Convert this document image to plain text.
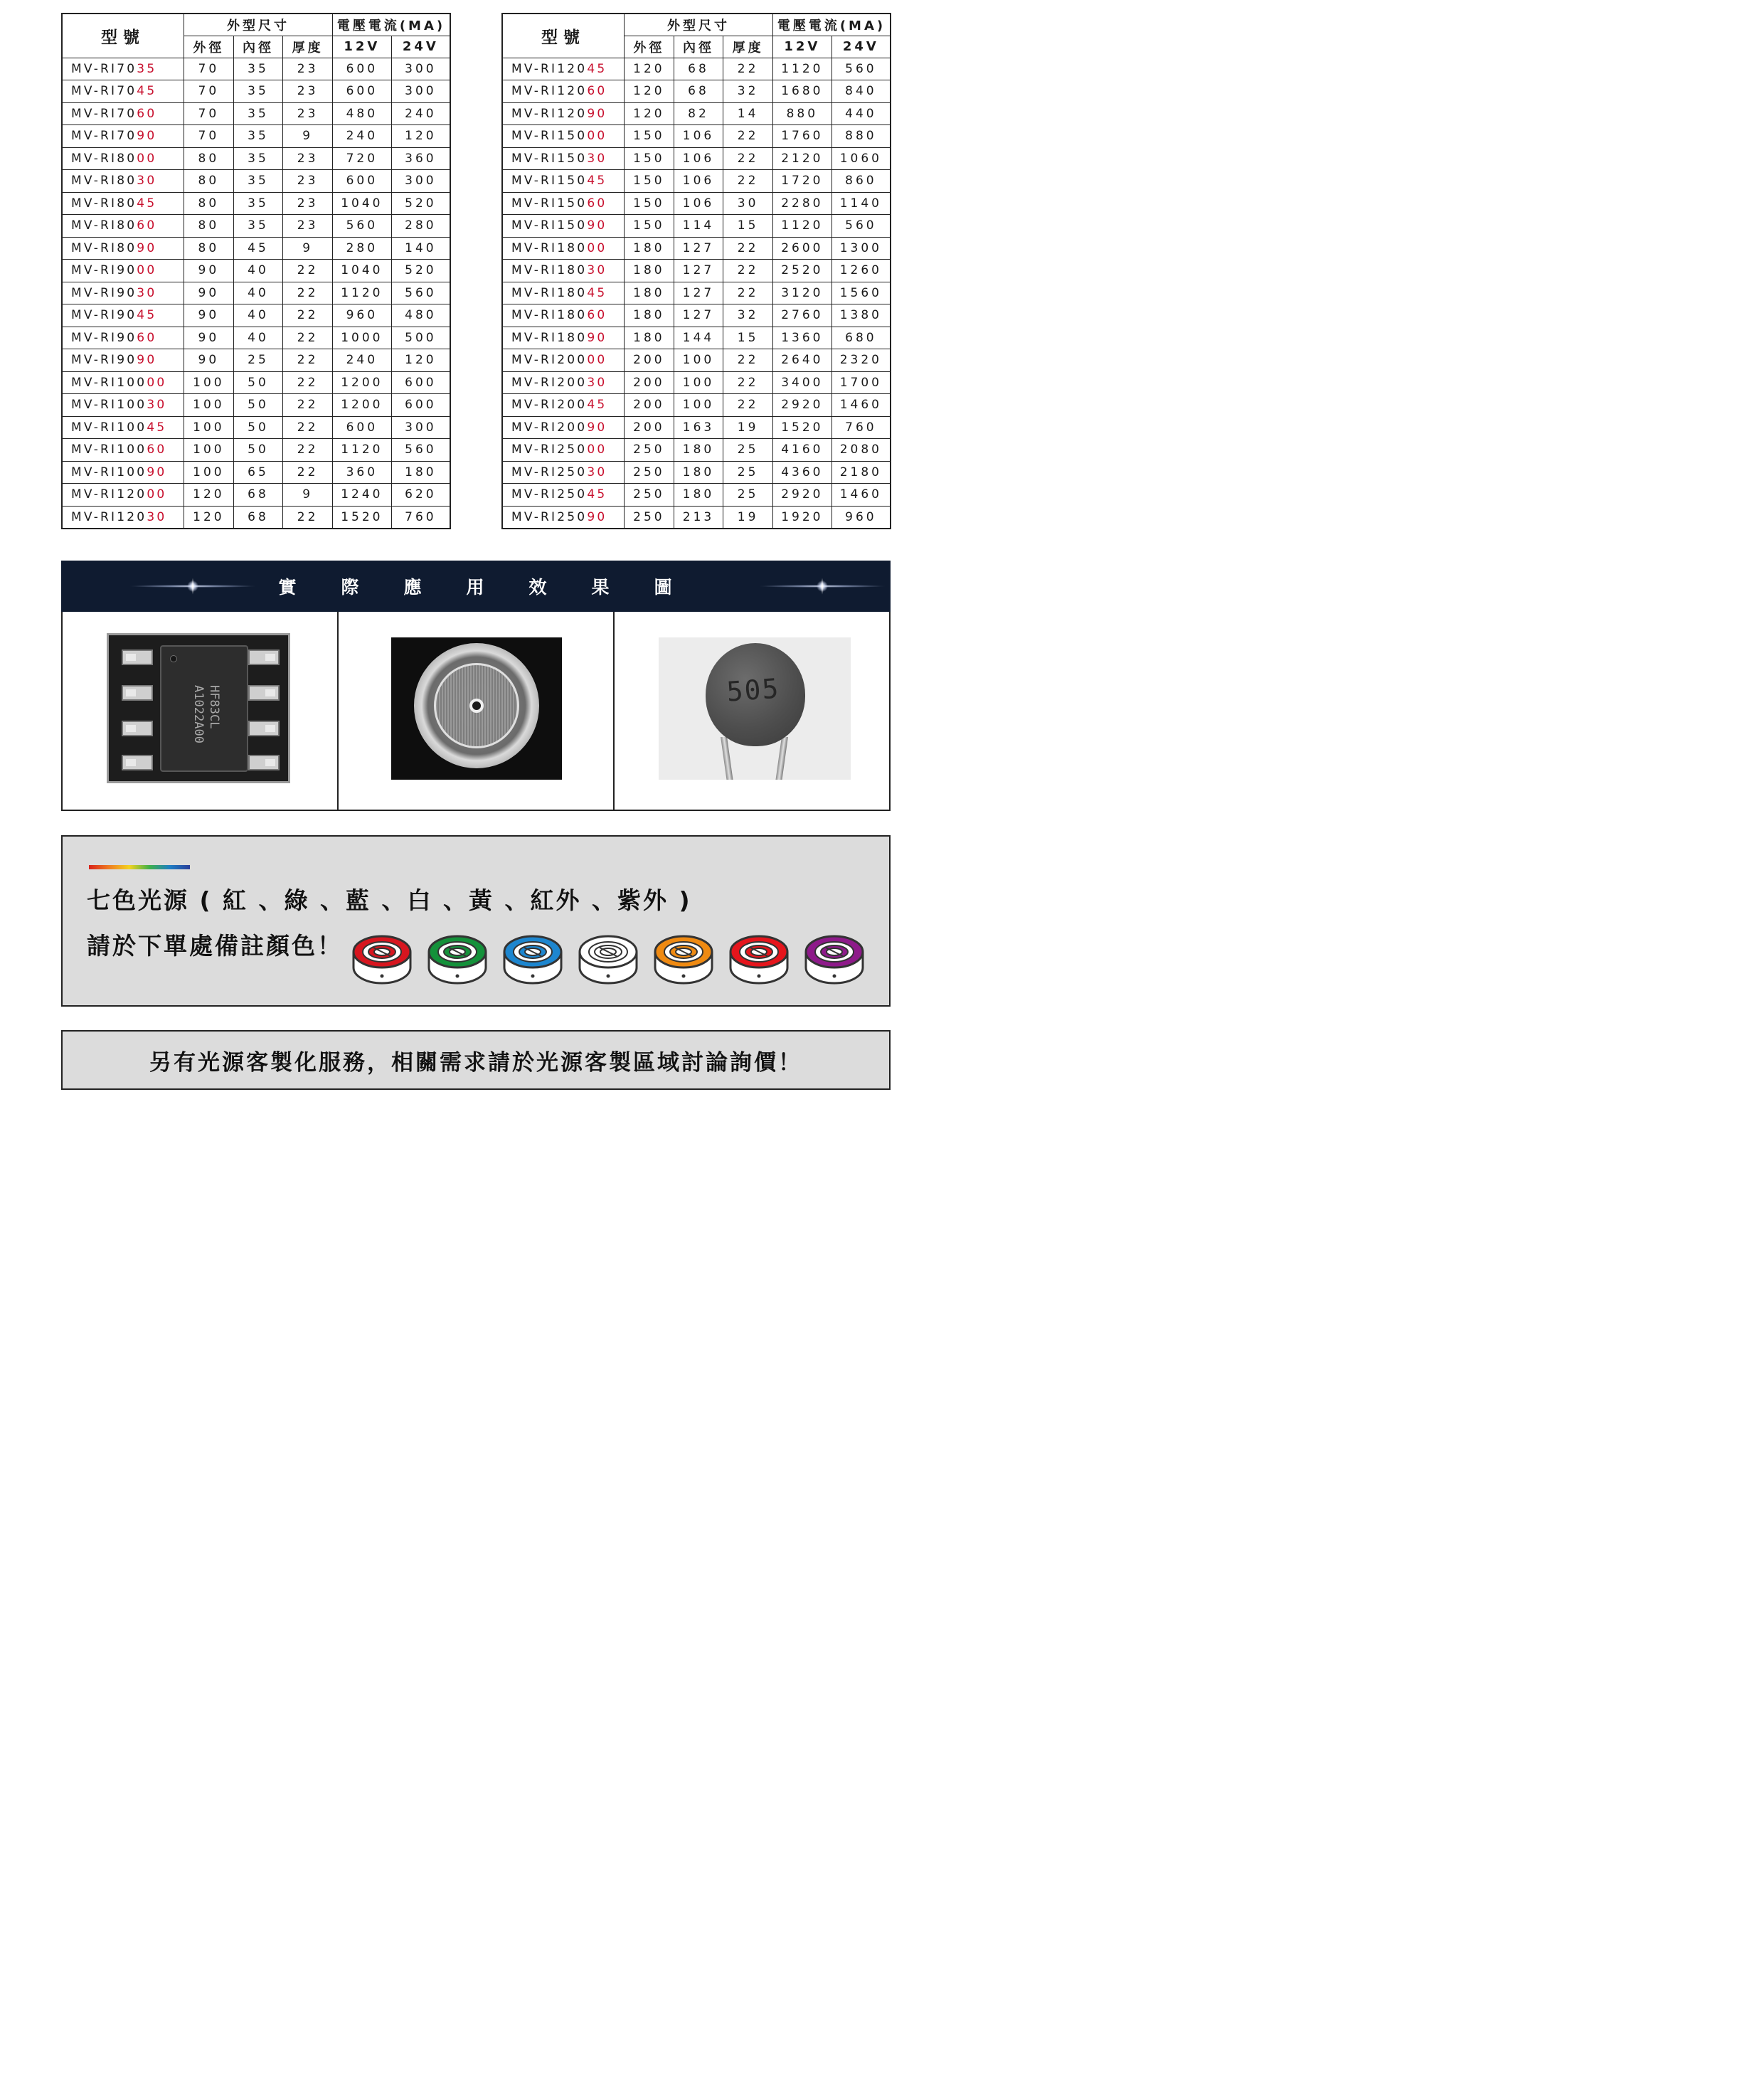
型號	外型尺寸			電壓電流(MA)	
	外徑	內徑	厚度	12V	24V
MV-RI7035	70	35	23	600	300
MV-RI7045	70	35	23	600	300
MV-RI7060	70	35	23	480	240
MV-RI7090	70	35	9	240	120
MV-RI8000	80	35	23	720	360
MV-RI8030	80	35	23	600	300
MV-RI8045	80	35	23	1040	520
MV-RI8060	80	35	23	560	280
MV-RI8090	80	45	9	280	140
MV-RI9000	90	40	22	1040	520
MV-RI9030	90	40	22	1120	560
MV-RI9045	90	40	22	960	480
MV-RI9060	90	40	22	1000	500
MV-RI9090	90	25	22	240	120
MV-RI10000	100	50	22	1200	600
MV-RI10030	100	50	22	1200	600
MV-RI10045	100	50	22	600	300
MV-RI10060	100	50	22	1120	560
MV-RI10090	100	65	22	360	180
MV-RI12000	120	68	9	1240	620
MV-RI12030	120	68	22	1520	760
型號	外型尺寸			電壓電流(MA)	
	外徑	內徑	厚度	12V	24V
MV-RI12045	120	68	22	1120	560
MV-RI12060	120	68	32	1680	840
MV-RI12090	120	82	14	880	440
MV-RI15000	150	106	22	1760	880
MV-RI15030	150	106	22	2120	1060
MV-RI15045	150	106	22	1720	860
MV-RI15060	150	106	30	2280	1140
MV-RI15090	150	114	15	1120	560
MV-RI18000	180	127	22	2600	1300
MV-RI18030	180	127	22	2520	1260
MV-RI18045	180	127	22	3120	1560
MV-RI18060	180	127	32	2760	1380
MV-RI18090	180	144	15	1360	680
MV-RI20000	200	100	22	2640	2320
MV-RI20030	200	100	22	3400	1700
MV-RI20045	200	100	22	2920	1460
MV-RI20090	200	163	19	1520	760
MV-RI25000	250	180	25	4160	2080
MV-RI25030	250	180	25	4360	2180
MV-RI25045	250	180	25	2920	1460
MV-RI25090	250	213	19	1920	960
實 際 應 用 效 果 圖
HF83CL
A1022A00	505
七色光源 ( 紅 、綠 、藍 、白 、黃 、紅外 、紫外 )
請於下單處備註顏色！
另有光源客製化服務，相關需求請於光源客製區域討論詢價！
